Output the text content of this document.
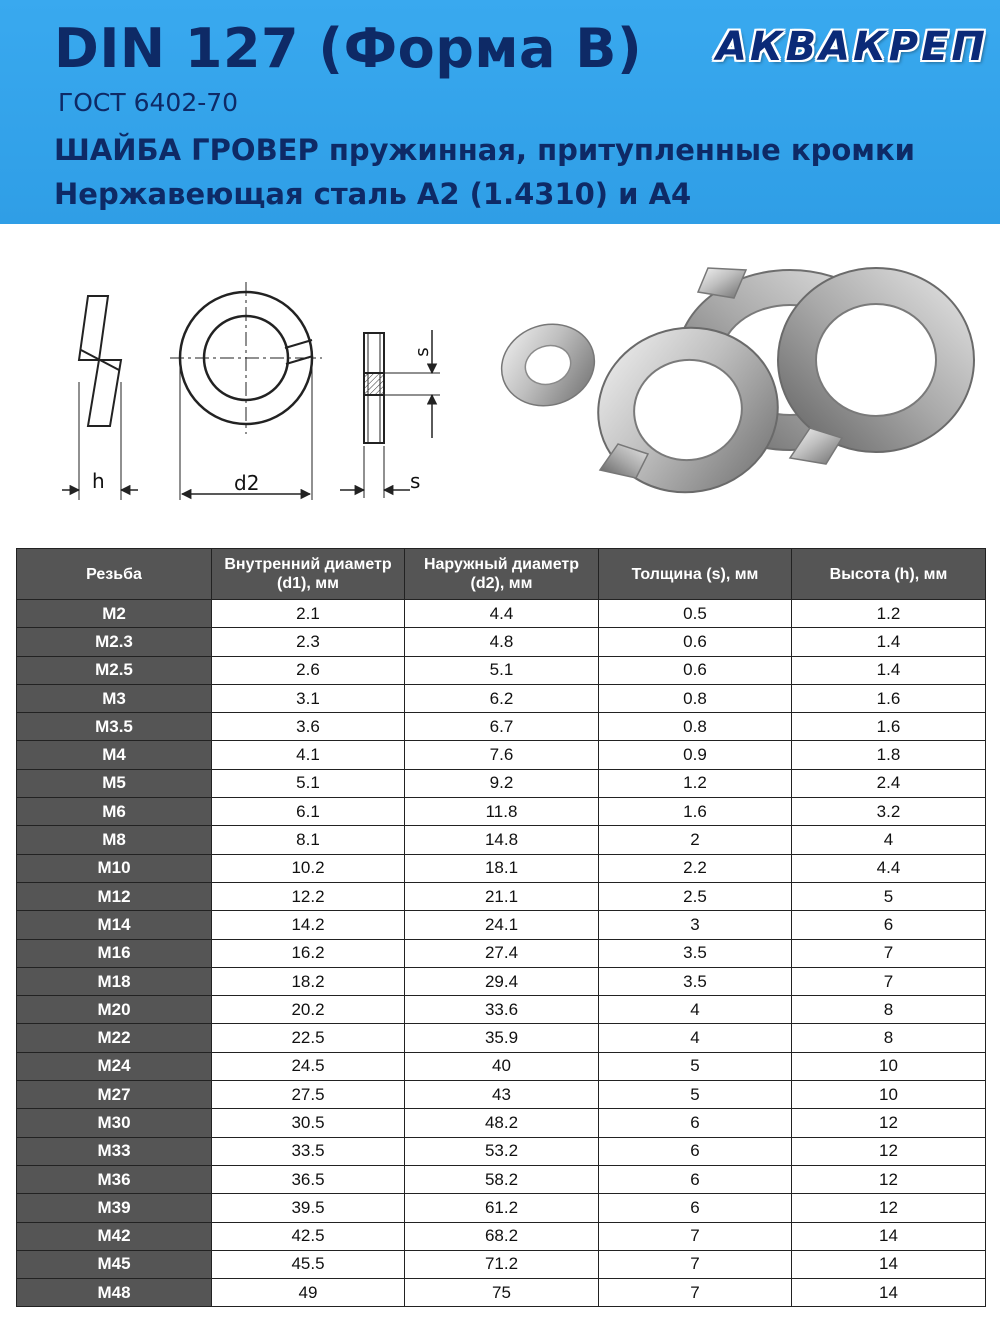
DIN 127 (Форма B)
ГОСТ 6402-70
ШАЙБА ГРОВЕР пружинная, притупленные кромки
Нержавеющая сталь А2 (1.4310) и А4
АКВАКРЕП
h	d2
s
s
Резьба	Внутренний диаметр (d1), мм	Наружный диаметр (d2), мм	Толщина (s), мм	Высота (h), мм
M2	2.1	4.4	0.5	1.2
M2.3	2.3	4.8	0.6	1.4
M2.5	2.6	5.1	0.6	1.4
M3	3.1	6.2	0.8	1.6
M3.5	3.6	6.7	0.8	1.6
M4	4.1	7.6	0.9	1.8
M5	5.1	9.2	1.2	2.4
M6	6.1	11.8	1.6	3.2
M8	8.1	14.8	2	4
M10	10.2	18.1	2.2	4.4
M12	12.2	21.1	2.5	5
M14	14.2	24.1	3	6
M16	16.2	27.4	3.5	7
M18	18.2	29.4	3.5	7
M20	20.2	33.6	4	8
M22	22.5	35.9	4	8
M24	24.5	40	5	10
M27	27.5	43	5	10
M30	30.5	48.2	6	12
M33	33.5	53.2	6	12
M36	36.5	58.2	6	12
M39	39.5	61.2	6	12
M42	42.5	68.2	7	14
M45	45.5	71.2	7	14
M48	49	75	7	14
